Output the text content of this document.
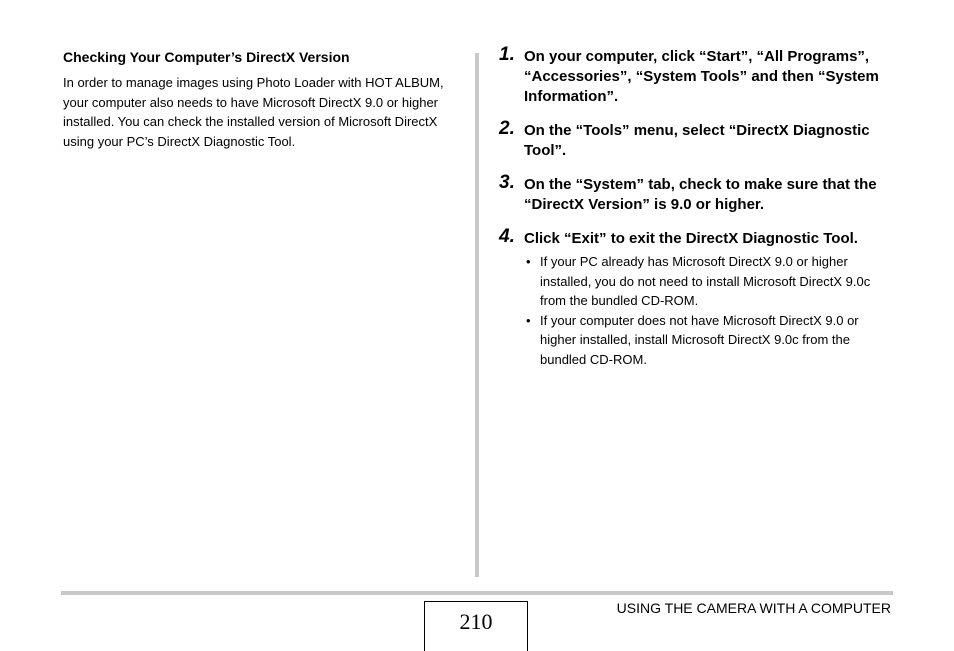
Checking Your Computer’s DirectX Version

In order to manage images using Photo Loader with HOT ALBUM, your computer also needs to have Microsoft DirectX 9.0 or higher installed. You can check the installed version of Microsoft DirectX using your PC’s DirectX Diagnostic Tool.

1. On your computer, click “Start”, “All Programs”, “Accessories”, “System Tools” and then “System Information”.
2. On the “Tools” menu, select “DirectX Diagnostic Tool”.
3. On the “System” tab, check to make sure that the “DirectX Version” is 9.0 or higher.
4. Click “Exit” to exit the DirectX Diagnostic Tool.
• If your PC already has Microsoft DirectX 9.0 or higher installed, you do not need to install Microsoft DirectX 9.0c from the bundled CD-ROM.
• If your computer does not have Microsoft DirectX 9.0 or higher installed, install Microsoft DirectX 9.0c from the bundled CD-ROM.
210
USING THE CAMERA WITH A COMPUTER
